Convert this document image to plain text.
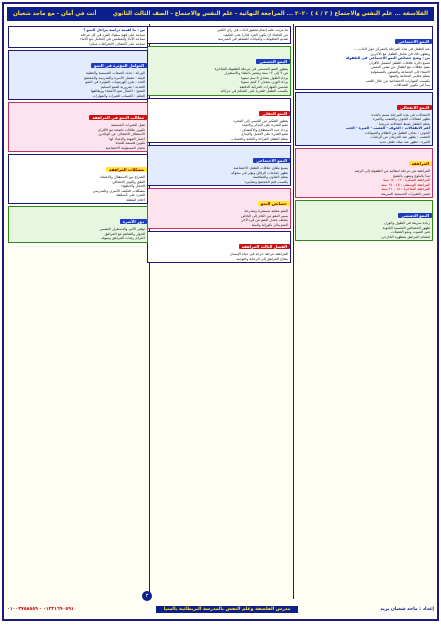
الفلاسفة ... علم النفس والاجتماع ( ٣ / ٤ ) ٢٠٢٠ ... المراجعة النهائية - علم النفس والاجتماع - الصف الثالث الثانوي
أنت في أمان - مع ماجد شعبان
النمو الاجتماعي
عند الطفل في هذه المرحلة بالتمركز حول الذات ...
ويظهر ذلك في تعامل الطفل مع الآخرين
س : وضح خصائص النمو الاجتماعي في الطفولة
تتسع دائرة علاقات الطفل لتشمل الأقران
يقيم علاقات مع أطفال من نفس الجنس
الانتماء إلى الجماعة والشعور بالمسئولية
يتعلم معايير الجماعة وقيمها
يكتسب المهارات الاجتماعية من خلال اللعب
يبدأ في تكوين الصداقات
النمو الانفعالي
الانفعالات في هذه المرحلة تتسم بالحدة
تظهر انفعالات الخوف والغضب والغيرة
يتعلم الطفل ضبط انفعالاته تدريجيا
أهم الانفعالات : الخوف - الغضب - الغيرة - الحب
الخوف : يخاف الطفل من الظلام والحيوانات
الغضب : يظهر عند الحرمان من الرغبات
الغيرة : تظهر عند ميلاد طفل جديد
المراهقة
المراهقة هي مرحلة انتقالية من الطفولة إلى الرشد
تبدأ بالبلوغ وتنتهي بالنضج
المراهقة المبكرة : ١٢ - ١٤ سنة
المراهقة الوسطى : ١٥ - ١٧ سنة
المراهقة المتأخرة : ١٨ - ٢١ سنة
تتميز بالتغيرات الجسمية السريعة
النمو الجسمي
زيادة سريعة في الطول والوزن
ظهور الخصائص الجنسية الثانوية
تغير الصوت ونمو العضلات
اهتمام المراهق بمظهره الخارجي
ما يترتب عليه إتمام تحقيق الذات في رأي الكثير
من العلماء أن يكون الفرد قادرا على التكيف
تقديم المعلومات والبيانات للمتعلم في المدرسة
النمو الجسمي
يتطور النمو الجسمي في مرحلة الطفولة المتأخرة
من ٩ إلى ١٢ سنة وتتميز بالبطء والاستقرار
يزداد الطول بمعدل ٥ سم سنويا
يزداد الوزن بمعدل ٢ كجم سنويا
تتحسن المهارات الحركية الدقيقة
يكتسب الطفل القدرة على التحكم في حركاته
النمو العقلي
يتطور التفكير من الحسي إلى المجرد
تنمو القدرة على التذكر والانتباه
يزداد حب الاستطلاع والاكتشاف
تنمو القدرة على التخيل والإبداع
يتعلم الطفل القراءة والكتابة والحساب
النمو الاجتماعي
يتسع نطاق علاقات الطفل الاجتماعية
تظهر جماعات الرفاق وتؤثر في سلوكه
يتعلم التعاون والمنافسة
يكتسب قيم المجتمع ومعاييره
خصائص النمو
النمو عملية مستمرة ومتدرجة
يسير النمو من العام إلى الخاص
يختلف معدل النمو من فرد لآخر
النمو يتأثر بالوراثة والبيئة
الفصل الثالث المراهقة
المراهقة مرحلة حرجة في حياة الإنسان
يحتاج المراهق إلى الرعاية والتوجيه
س : ما أهمية دراسة مراحل النمو ؟
تساعد على فهم سلوك الفرد في كل مرحلة
تساعد الآباء والمعلمين في التعامل مع الأبناء
تساعد على اكتشاف الانحرافات مبكرا
العوامل المؤثرة في النمو
الوراثة : تحدد الصفات الجسمية والعقلية
البيئة : تشمل الأسرة والمدرسة والمجتمع
الغدد : تفرز الهرمونات المؤثرة في النمو
التغذية : ضرورية للنمو السليم
النضج : اكتمال نمو الأعضاء ووظائفها
التعلم : اكتساب الخبرات والمهارات
مطالب النمو في المراهقة
تقبل التغيرات الجسمية
تكوين علاقات ناضجة مع الأقران
الاستقلال الانفعالي عن الوالدين
اختيار المهنة والإعداد لها
تكوين فلسفة للحياة
تحمل المسئولية الاجتماعية
مشكلات المراهقة
الصراع بين الاستقلال والاعتماد
القلق والتوتر الانفعالي
الخجل والانطواء
مشكلات التكيف الأسري والمدرسي
التمرد على السلطة
أحلام اليقظة
دور الأسرة
توفير الأمن والاستقرار النفسي
الحوار والتفاهم مع المراهق
احترام رغبات المراهق وميوله
٣
إعداد : ماجد شعبان يزيد
مدرس الفلسفة وعلم النفس بالمدرسة البريطانية بالمنيا
٠١٢٢١٦٩٠٥٩١ - ٠١٠٠٣٧٥٨٥٥٩
